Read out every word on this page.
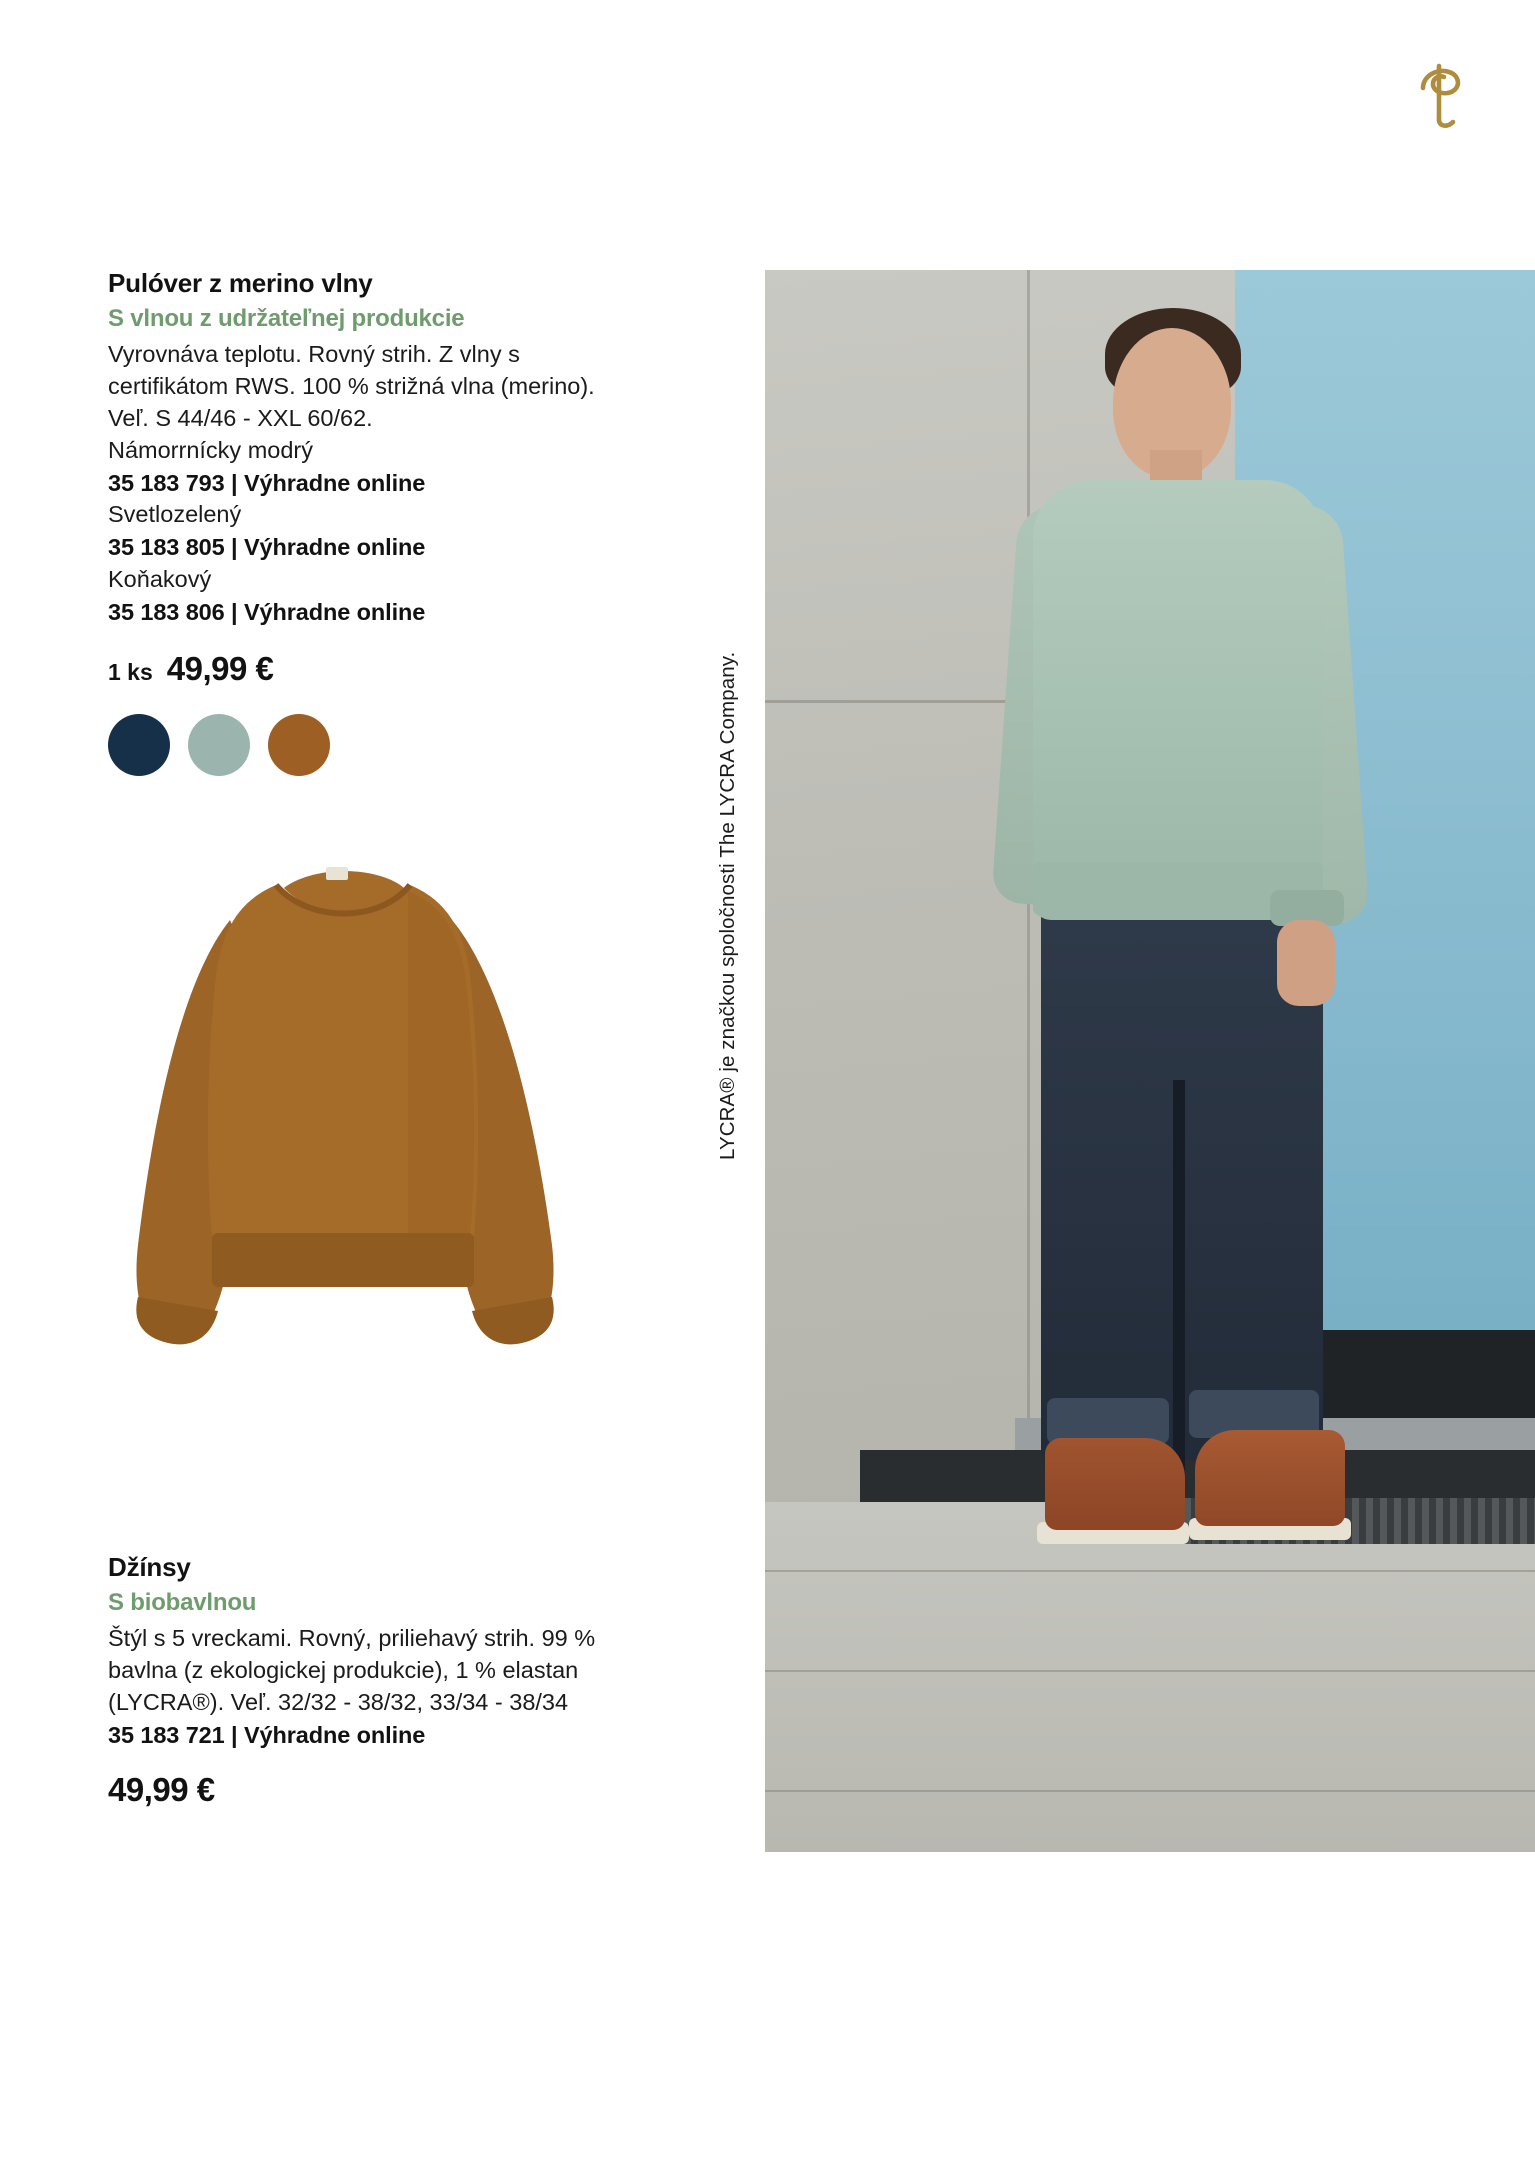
Pulóver z merino vlny

S vlnou z udržateľnej produkcie

Vyrovnáva teplotu. Rovný strih. Z vlny s certifikátom RWS. 100 % strižná vlna (merino). Veľ. S 44/46 - XXL 60/62.

Námorrnícky modrý

35 183 793 | Výhradne online

Svetlozelený

35 183 805 | Výhradne online

Koňakový

35 183 806 | Výhradne online

1 ks 49,99 €
Džínsy

S biobavlnou

Štýl s 5 vreckami. Rovný, priliehavý strih. 99 % bavlna (z ekologickej produkcie), 1 % elastan (LYCRA®). Veľ. 32/32 - 38/32, 33/34 - 38/34

35 183 721 | Výhradne online

49,99 €
LYCRA® je značkou spoločnosti The LYCRA Company.
